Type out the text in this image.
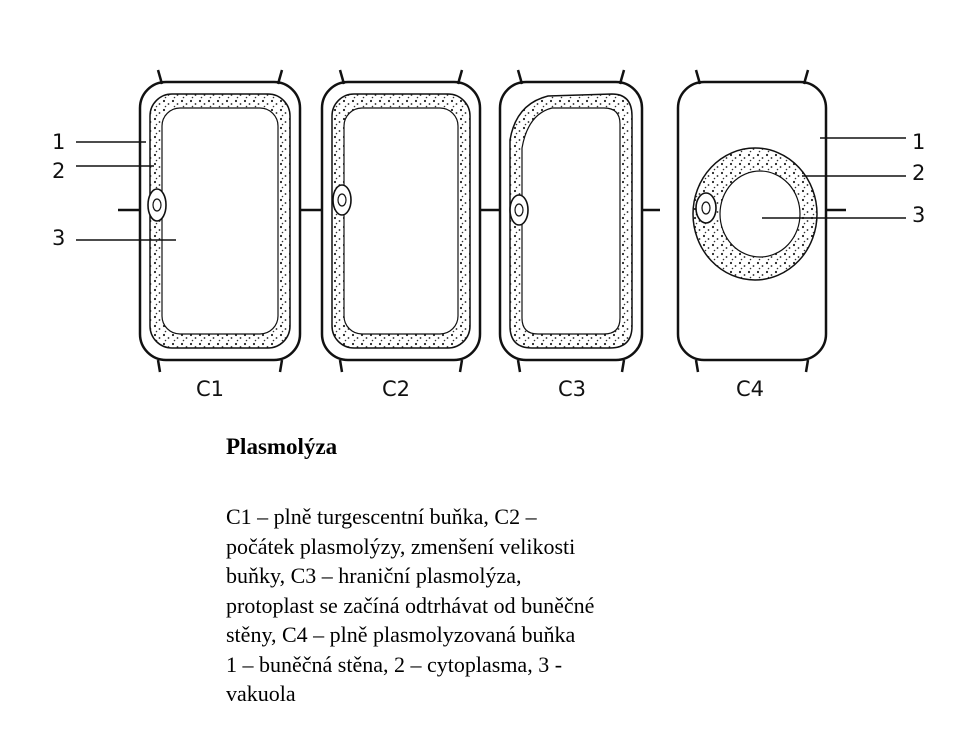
1
2
3
1
2
3
C1	C2	C3	C4
Plasmolýza
C1 – plně turgescentní buňka, C2 –
počátek plasmolýzy, zmenšení velikosti
buňky, C3 – hraniční plasmolýza,
protoplast se začíná odtrhávat od buněčné
stěny, C4 – plně plasmolyzovaná buňka
1 – buněčná stěna, 2 – cytoplasma, 3 -
vakuola
